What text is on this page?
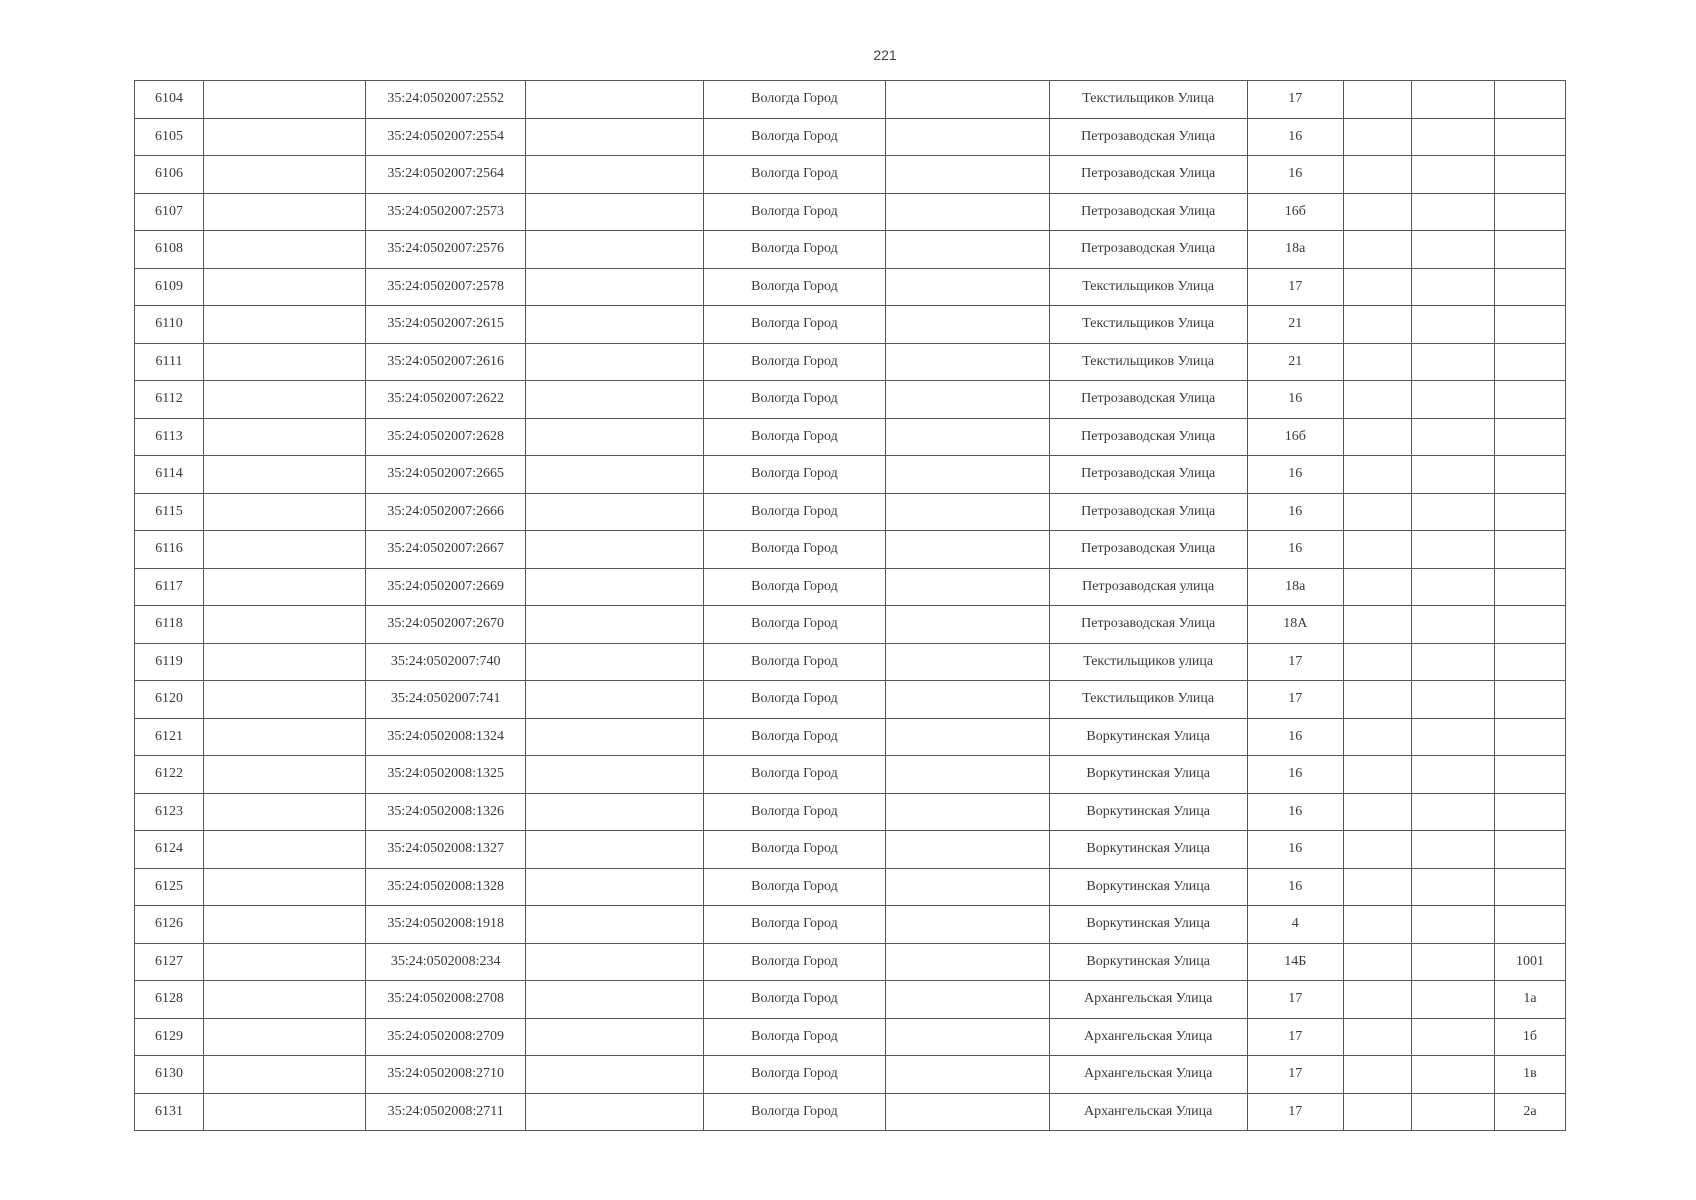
221
6104		35:24:0502007:2552		Вологда Город		Текстильщиков Улица	17			
6105		35:24:0502007:2554		Вологда Город		Петрозаводская Улица	16			
6106		35:24:0502007:2564		Вологда Город		Петрозаводская Улица	16			
6107		35:24:0502007:2573		Вологда Город		Петрозаводская Улица	16б			
6108		35:24:0502007:2576		Вологда Город		Петрозаводская Улица	18а			
6109		35:24:0502007:2578		Вологда Город		Текстильщиков Улица	17			
6110		35:24:0502007:2615		Вологда Город		Текстильщиков Улица	21			
6111		35:24:0502007:2616		Вологда Город		Текстильщиков Улица	21			
6112		35:24:0502007:2622		Вологда Город		Петрозаводская Улица	16			
6113		35:24:0502007:2628		Вологда Город		Петрозаводская Улица	16б			
6114		35:24:0502007:2665		Вологда Город		Петрозаводская Улица	16			
6115		35:24:0502007:2666		Вологда Город		Петрозаводская Улица	16			
6116		35:24:0502007:2667		Вологда Город		Петрозаводская Улица	16			
6117		35:24:0502007:2669		Вологда Город		Петрозаводская улица	18а			
6118		35:24:0502007:2670		Вологда Город		Петрозаводская Улица	18А			
6119		35:24:0502007:740		Вологда Город		Текстильщиков улица	17			
6120		35:24:0502007:741		Вологда Город		Текстильщиков Улица	17			
6121		35:24:0502008:1324		Вологда Город		Воркутинская Улица	16			
6122		35:24:0502008:1325		Вологда Город		Воркутинская Улица	16			
6123		35:24:0502008:1326		Вологда Город		Воркутинская Улица	16			
6124		35:24:0502008:1327		Вологда Город		Воркутинская Улица	16			
6125		35:24:0502008:1328		Вологда Город		Воркутинская Улица	16			
6126		35:24:0502008:1918		Вологда Город		Воркутинская Улица	4			
6127		35:24:0502008:234		Вологда Город		Воркутинская Улица	14Б			1001
6128		35:24:0502008:2708		Вологда Город		Архангельская Улица	17			1а
6129		35:24:0502008:2709		Вологда Город		Архангельская Улица	17			1б
6130		35:24:0502008:2710		Вологда Город		Архангельская Улица	17			1в
6131		35:24:0502008:2711		Вологда Город		Архангельская Улица	17			2а
